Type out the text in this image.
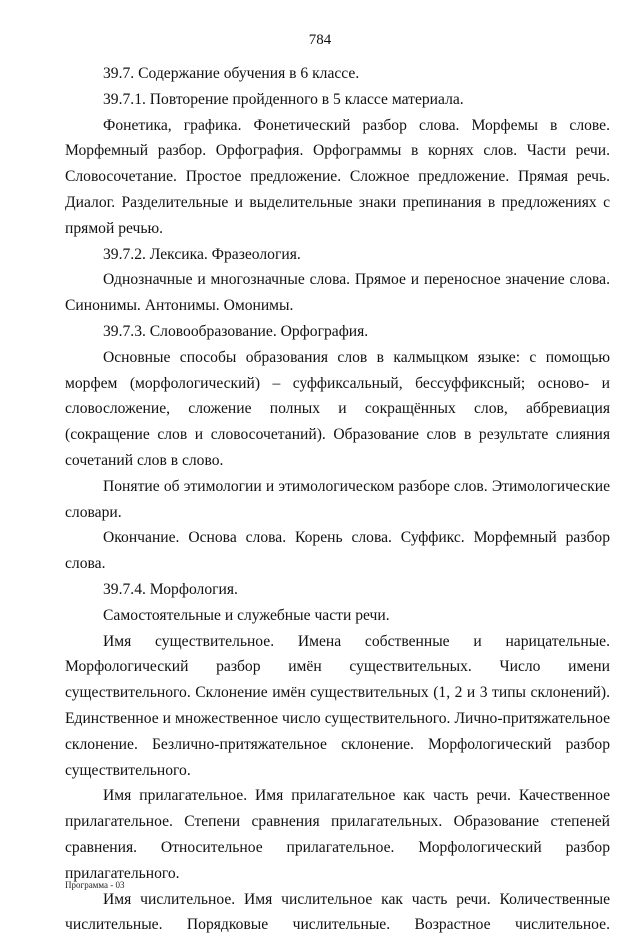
784

39.7. Содержание обучения в 6 классе.

39.7.1. Повторение пройденного в 5 классе материала.

Фонетика, графика. Фонетический разбор слова. Морфемы в слове. Морфемный разбор. Орфография. Орфограммы в корнях слов. Части речи. Словосочетание. Простое предложение. Сложное предложение. Прямая речь. Диалог. Разделительные и выделительные знаки препинания в предложениях с прямой речью.

39.7.2. Лексика. Фразеология.

Однозначные и многозначные слова. Прямое и переносное значение слова. Синонимы. Антонимы. Омонимы.

39.7.3. Словообразование. Орфография.

Основные способы образования слов в калмыцком языке: с помощью морфем (морфологический) – суффиксальный, бессуффиксный; осново- и словосложение, сложение полных и сокращённых слов, аббревиация (сокращение слов и словосочетаний). Образование слов в результате слияния сочетаний слов в слово.

Понятие об этимологии и этимологическом разборе слов. Этимологические словари.

Окончание. Основа слова. Корень слова. Суффикс. Морфемный разбор слова.

39.7.4. Морфология.

Самостоятельные и служебные части речи.

Имя существительное. Имена собственные и нарицательные. Морфологический разбор имён существительных. Число имени существительного. Склонение имён существительных (1, 2 и 3 типы склонений). Единственное и множественное число существительного. Лично-притяжательное склонение. Безлично-притяжательное склонение. Морфологический разбор существительного.

Имя прилагательное. Имя прилагательное как часть речи. Качественное прилагательное. Степени сравнения прилагательных. Образование степеней сравнения. Относительное прилагательное. Морфологический разбор прилагательного.

Имя числительное. Имя числительное как часть речи. Количественные числительные. Порядковые числительные. Возрастное числительное.

Программа - 03
